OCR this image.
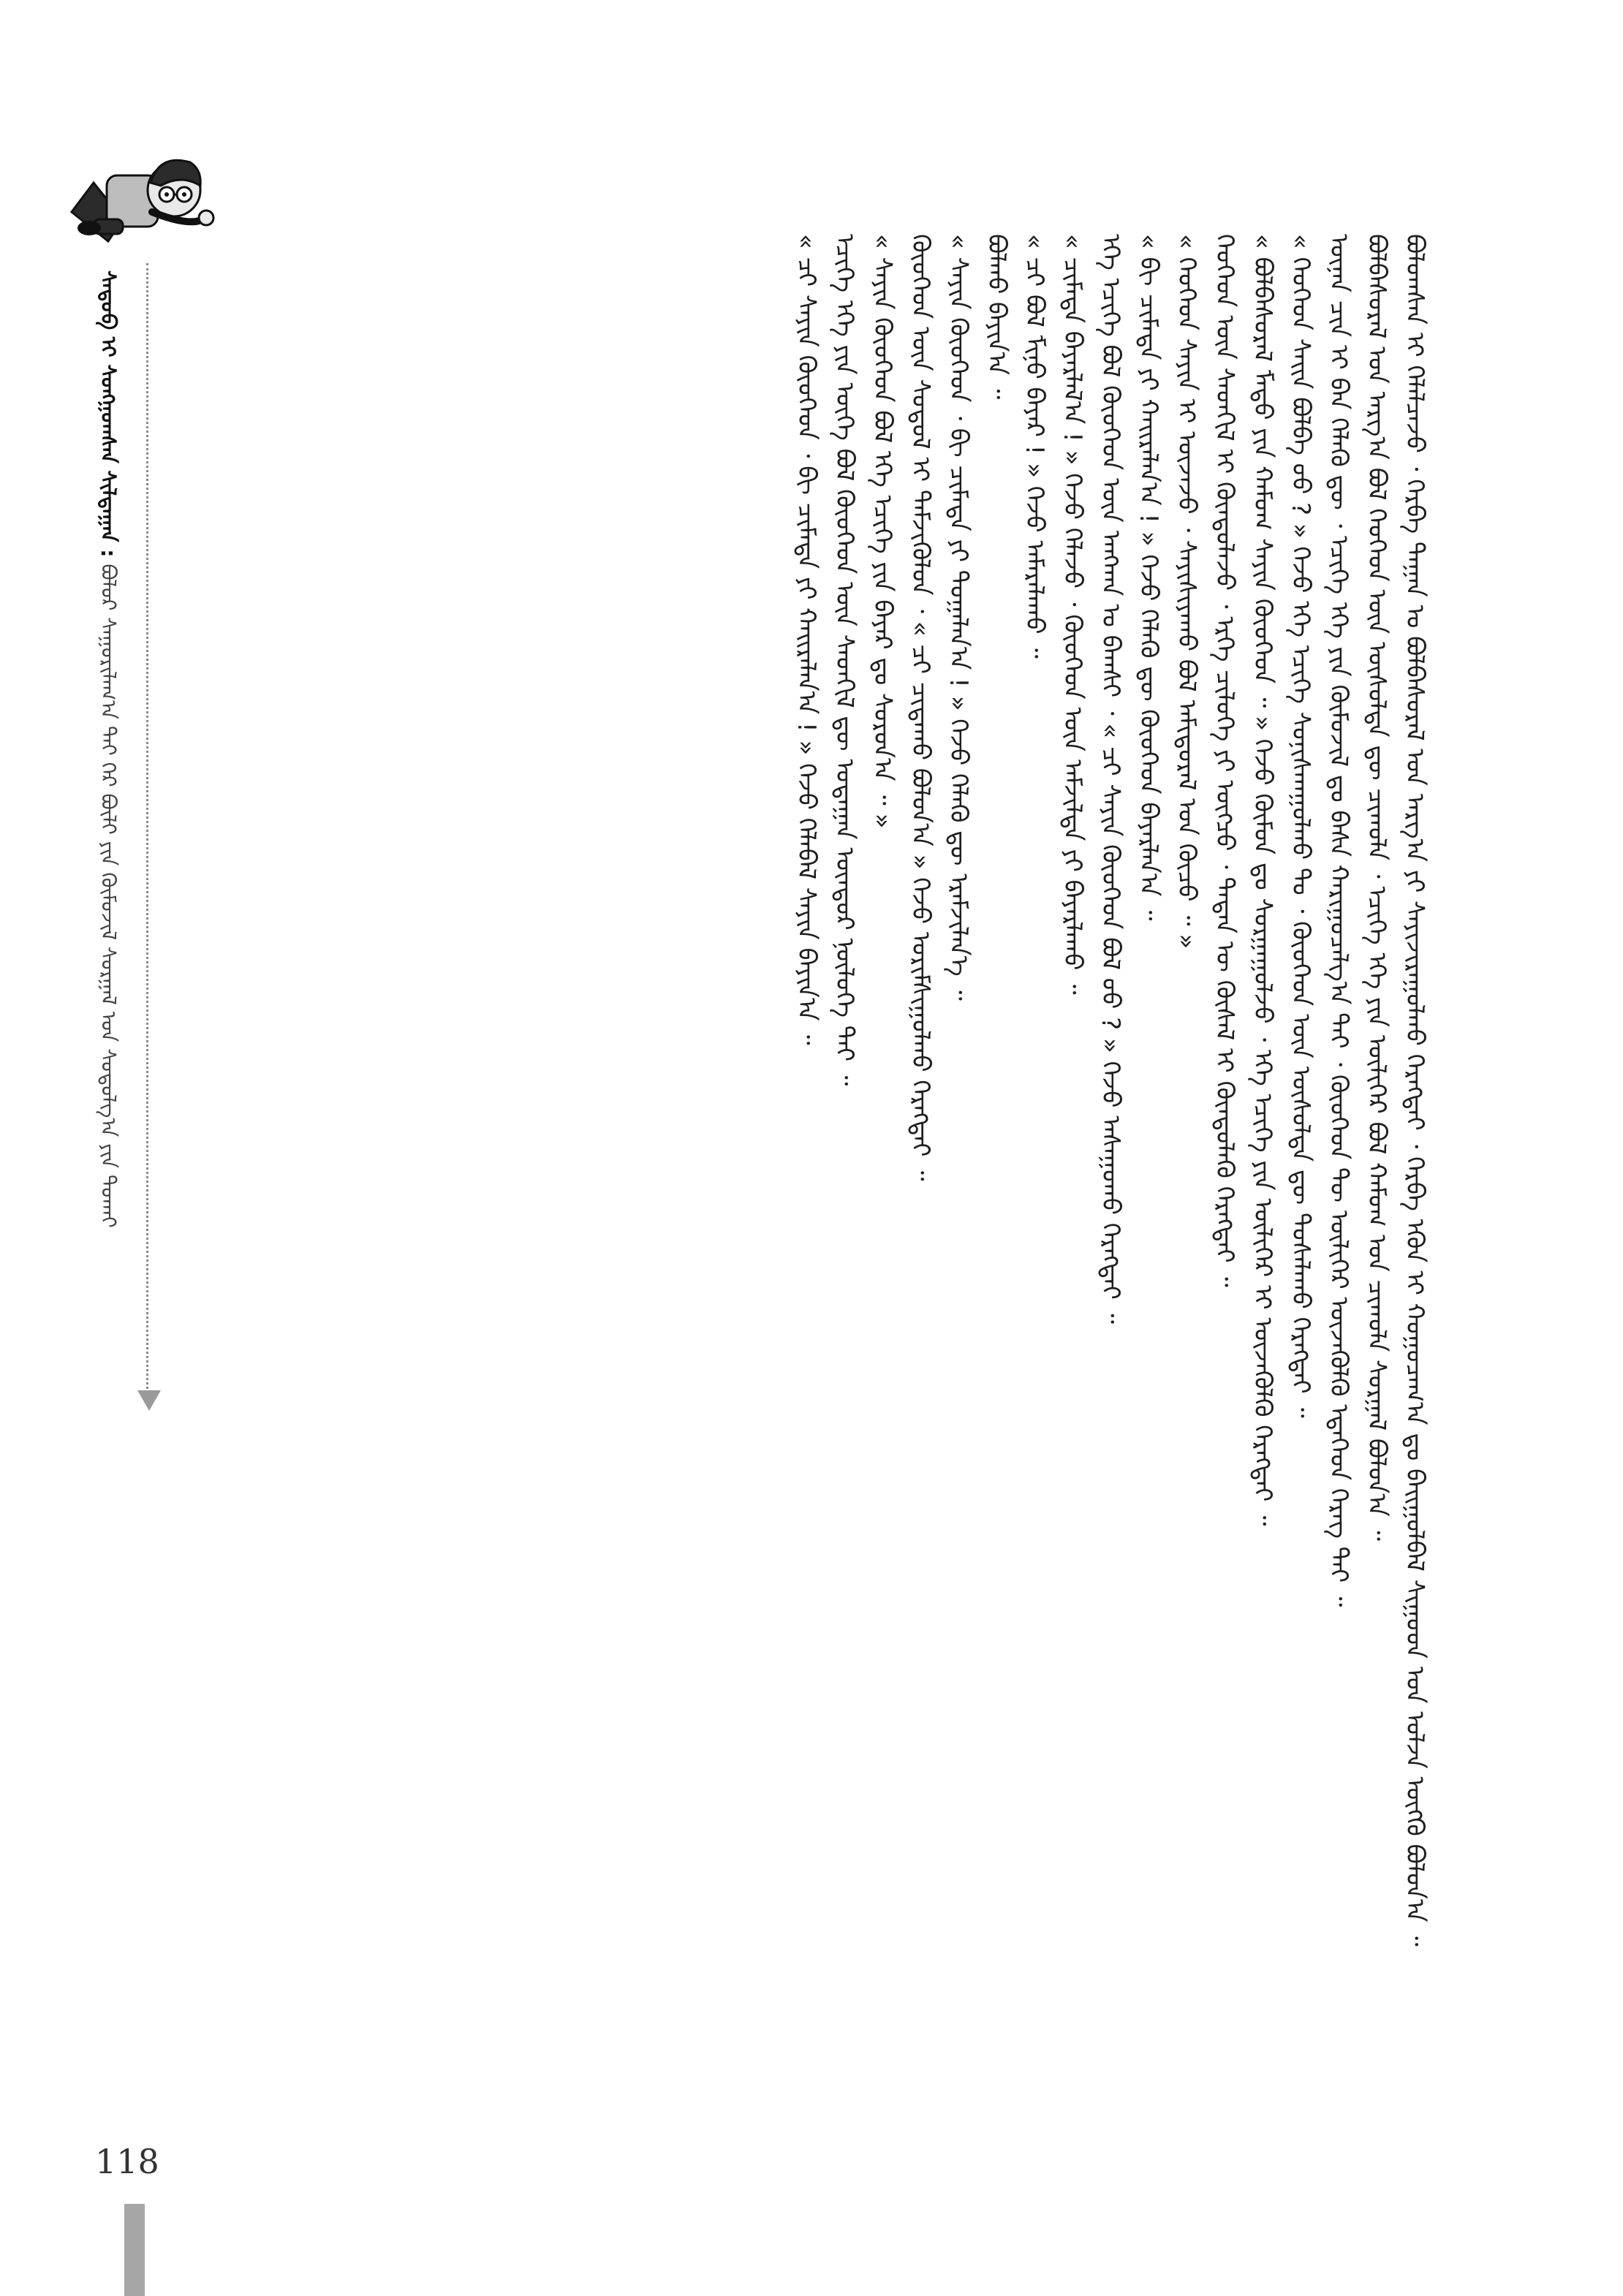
ᠰᠡᠳᠦᠪ ᠢ ᠰᠣᠩᠭᠤᠭᠰᠠᠨ ᠰᠢᠯᠲᠠᠭᠠᠨ : ᠪᠣᠯᠣᠷ ᠰᠠᠭᠤᠷᠢᠯᠠᠭ᠎ᠠ ᠲᠠᠢ ᠭᠡᠷ ᠪᠦᠯᠢ ᠶᠢᠨ ᠬᠦᠮᠦᠵᠢᠯ ᠰᠤᠷᠭᠠᠯ ᠤᠨ ᠰᠤᠳᠤᠯᠭ᠎ᠠ ᠶᠢᠨ ᠲᠤᠬᠠᠢ	ᠪᠣᠯᠤᠭᠰᠠᠨ ᠢ ᠬᠡᠯᠡᠯᠴᠡᠵᠦ ᠂ ᠬᠡᠷᠪᠡ ᠳᠠᠭᠠᠨ ᠤ ᠪᠣᠯᠪᠠᠰᠤᠷᠠᠯ ᠤᠨ ᠠᠷᠭ᠎ᠠ ᠶᠢ ᠰᠠᠶᠢᠵᠢᠷᠠᠭᠤᠯᠬᠤ ᠬᠡᠷᠡᠭᠲᠡᠢ ᠂ ᠬᠡᠷᠪᠡ ᠡᠭᠦᠨ ᠢ ᠬᠤᠭᠤᠴᠠᠭ᠎ᠠ ᠳᠤ ᠪᠠᠢᠭᠤᠯᠪᠠᠯ ᠰᠢᠭᠤᠳ ᠤᠨ ᠣᠯᠵᠠ ᠥᠭᠬᠦ ᠪᠣᠯᠤᠨ᠎ᠠ ᠃
ᠪᠣᠯᠪᠠᠰᠤᠷᠠᠯ ᠤᠨ ᠠᠷᠭ᠎ᠠ ᠪᠣᠯ ᠬᠡᠦᠬᠡᠳ ᠦᠨ ᠥᠰᠦᠯᠲᠡ ᠳᠦ ᠴᠢᠬᠤᠯᠠ ᠂ ᠡᠴᠢᠭᠡ ᠡᠬᠡ ᠶᠢᠨ ᠦᠯᠢᠭᠡᠷ ᠪᠣᠯ ᠬᠠᠮᠤᠭ ᠤᠨ ᠴᠢᠬᠤᠯᠠ ᠰᠤᠷᠭᠠᠯ ᠪᠣᠯᠤᠨ᠎ᠠ ᠃
ᠦᠨᠡᠨ ᠴᠢᠨ ᠢ ᠪᠡᠨ ᠬᠡᠯᠡᠬᠦ ᠳᠦ ᠂ ᠡᠴᠢᠭᠡ ᠡᠬᠡ ᠶᠢᠨ ᠬᠦᠮᠦᠵᠢᠯ ᠳᠤ ᠪᠠᠰᠠ ᠬᠠᠷᠢᠭᠤᠴᠠᠯᠭ᠎ᠠ ᠲᠠᠢ ᠂ ᠬᠦᠦᠬᠡᠳ ᠲᠦ ᠦᠯᠢᠭᠡᠷ ᠦᠵᠡᠭᠦᠯᠬᠦ ᠡᠳᠡᠭᠡᠳ ᠬᠡᠷᠡᠭ ᠲᠡᠢ ᠃
« ᠬᠡᠦᠬᠡᠳ ᠰᠠᠢᠨ ᠪᠣᠯᠪᠠ ᠤᠤ ? » ᠭᠡᠵᠦ ᠡᠬᠡ ᠡᠴᠢᠭᠡ ᠰᠣᠨᠢᠰᠬᠠᠭᠤᠯᠬᠤ ᠲᠤ ᠂ ᠬᠦᠦᠬᠡᠳ ᠦᠨ ᠥᠰᠦᠯᠲᠡ ᠳᠦ ᠲᠤᠰᠠᠯᠠᠬᠤ ᠬᠡᠷᠡᠭᠲᠡᠢ ᠃
« ᠪᠣᠯᠪᠠᠰᠤᠷᠠᠯ ᠮᠠᠲᠤ ᠶᠢᠨ ᠬᠠᠮᠤᠭ ᠰᠠᠶᠢᠨ ᠬᠦᠦᠬᠡᠳ ᠃ » ᠭᠡᠵᠦ ᠬᠦᠮᠦᠨ ᠳᠤ ᠰᠤᠷᠭᠠᠭᠤᠯᠵᠤ ᠂ ᠡᠬᠡ ᠡᠴᠢᠭᠡ ᠶᠢᠨ ᠦᠯᠢᠭᠡᠷ ᠢ ᠦᠵᠡᠭᠦᠯᠬᠦ ᠬᠡᠷᠡᠭᠲᠡᠢ ᠃
ᠬᠡᠦᠬᠡᠳ ᠦᠨ ᠰᠡᠳᠬᠢᠯ ᠢ ᠬᠦᠨᠳᠦᠯᠡᠵᠦ ᠂ ᠡᠷᠬᠡ ᠴᠢᠯᠦᠭᠡ ᠶᠢ ᠥᠭᠴᠦ ᠂ ᠲᠡᠳᠡᠨ ᠦ ᠬᠦᠰᠡᠯ ᠢ ᠬᠦᠨᠳᠦᠯᠡᠬᠦ ᠬᠡᠷᠡᠭᠲᠡᠢ ᠃
« ᠬᠡᠦᠬᠡᠳ ᠰᠠᠶᠢᠨ ᠢ ᠦᠵᠡᠵᠦ ᠂ ᠰᠠᠶᠢᠰᠢᠶᠠᠬᠤ ᠪᠣᠯ ᠠᠮᠢᠳᠤᠷᠠᠯ ᠤᠨ ᠬᠦᠴᠦ ᠃ »
« ᠪᠢ ᠴᠢᠮᠠᠳᠠ ᠶᠢ ᠬᠠᠢᠷᠠᠯᠠᠨ᠎ᠠ ! » ᠭᠡᠵᠦ ᠬᠡᠯᠡᠬᠦ ᠳᠦ ᠬᠦᠦᠬᠡᠳ ᠪᠠᠶᠠᠷᠯᠠᠨ᠎ᠠ ᠃
ᠡᠬᠡ ᠡᠴᠢᠭᠡ ᠪᠣᠯ ᠬᠦᠦᠬᠡᠳ ᠦᠨ ᠠᠩᠬᠠᠨ ᠤ ᠪᠠᠭᠰᠢ ᠂ « ᠴᠢ ᠰᠠᠶᠢᠨ ᠬᠦᠦᠬᠡᠳ ᠪᠣᠯ ᠤᠤ ? » ᠭᠡᠵᠦ ᠠᠰᠠᠭᠤᠬᠤ ᠬᠡᠷᠡᠭᠲᠡᠢ ᠃
« ᠴᠢᠮᠠᠳᠠ ᠪᠠᠶᠠᠷᠯᠠᠯ᠎ᠠ ! » ᠭᠡᠵᠦ ᠬᠡᠯᠡᠵᠦ ᠂ ᠬᠦᠦᠬᠡᠳ ᠦᠨ ᠠᠮᠵᠢᠯᠲᠠ ᠶᠢ ᠪᠠᠶᠠᠷᠯᠠᠬᠤ ᠃
« ᠴᠢ ᠪᠣᠯ ᠮᠢᠨᠦ ᠪᠠᠶᠠᠷ ! » ᠭᠡᠵᠦ ᠠᠮᠠᠷᠠᠯᠠᠬᠤ ᠃
ᠪᠣᠯᠬᠤ ᠪᠠᠶᠢᠨ᠎ᠠ ᠃
« ᠰᠠᠶᠢᠨ ᠬᠦᠦᠬᠡᠳ ᠂ ᠪᠢ ᠴᠢᠮᠠᠳᠠ ᠶᠢ ᠲᠣᠭᠠᠯᠠᠨ᠎ᠠ ! » ᠭᠡᠵᠦ ᠬᠡᠯᠡᠬᠦ ᠳᠦ ᠡᠷᠡᠮᠵᠢᠯᠡᠨ᠎ᠡ ᠃
ᠬᠦᠦᠬᠡᠳ ᠦᠨ ᠰᠣᠳᠤᠯ ᠢ ᠳᠡᠮᠵᠢᠭᠦᠯᠦᠨ ᠂ « ᠴᠢ ᠴᠢᠳᠠᠬᠤ ᠪᠣᠯᠤᠨ᠎ᠠ » ᠭᠡᠵᠦ ᠤᠷᠢᠮᠰᠢᠭᠤᠯᠬᠤ ᠬᠡᠷᠡᠭᠲᠡᠢ ᠃
« ᠰᠠᠶᠢᠨ ᠬᠦᠦᠬᠡᠳ ᠪᠣᠯ ᠡᠬᠡ ᠡᠴᠢᠭᠡ ᠶᠢᠨ ᠪᠠᠶᠠᠷ ᠳᠤ ᠰᠤᠷᠤᠨ᠎ᠠ ᠃ »
ᠡᠴᠢᠭᠡ ᠡᠬᠡ ᠶᠢᠨ ᠦᠭᠡ ᠪᠣᠯ ᠬᠦᠦᠬᠡᠳ ᠦᠨ ᠰᠡᠳᠬᠢᠯ ᠳᠦ ᠤᠳᠠᠭᠠᠨ ᠥᠨᠳᠦᠷ ᠨᠥᠯᠦᠭᠡ ᠲᠡᠢ ᠃
« ᠴᠢ ᠰᠠᠶᠢᠨ ᠬᠦᠦᠬᠡᠳ ᠂ ᠪᠢ ᠴᠢᠮᠠᠳᠠ ᠶᠢ ᠬᠠᠢᠷᠠᠯᠠᠨ᠎ᠠ ! » ᠭᠡᠵᠦ ᠬᠡᠯᠡᠪᠡᠯ ᠰᠠᠶᠢᠨ ᠪᠠᠶᠢᠨ᠎ᠠ ᠃
118
